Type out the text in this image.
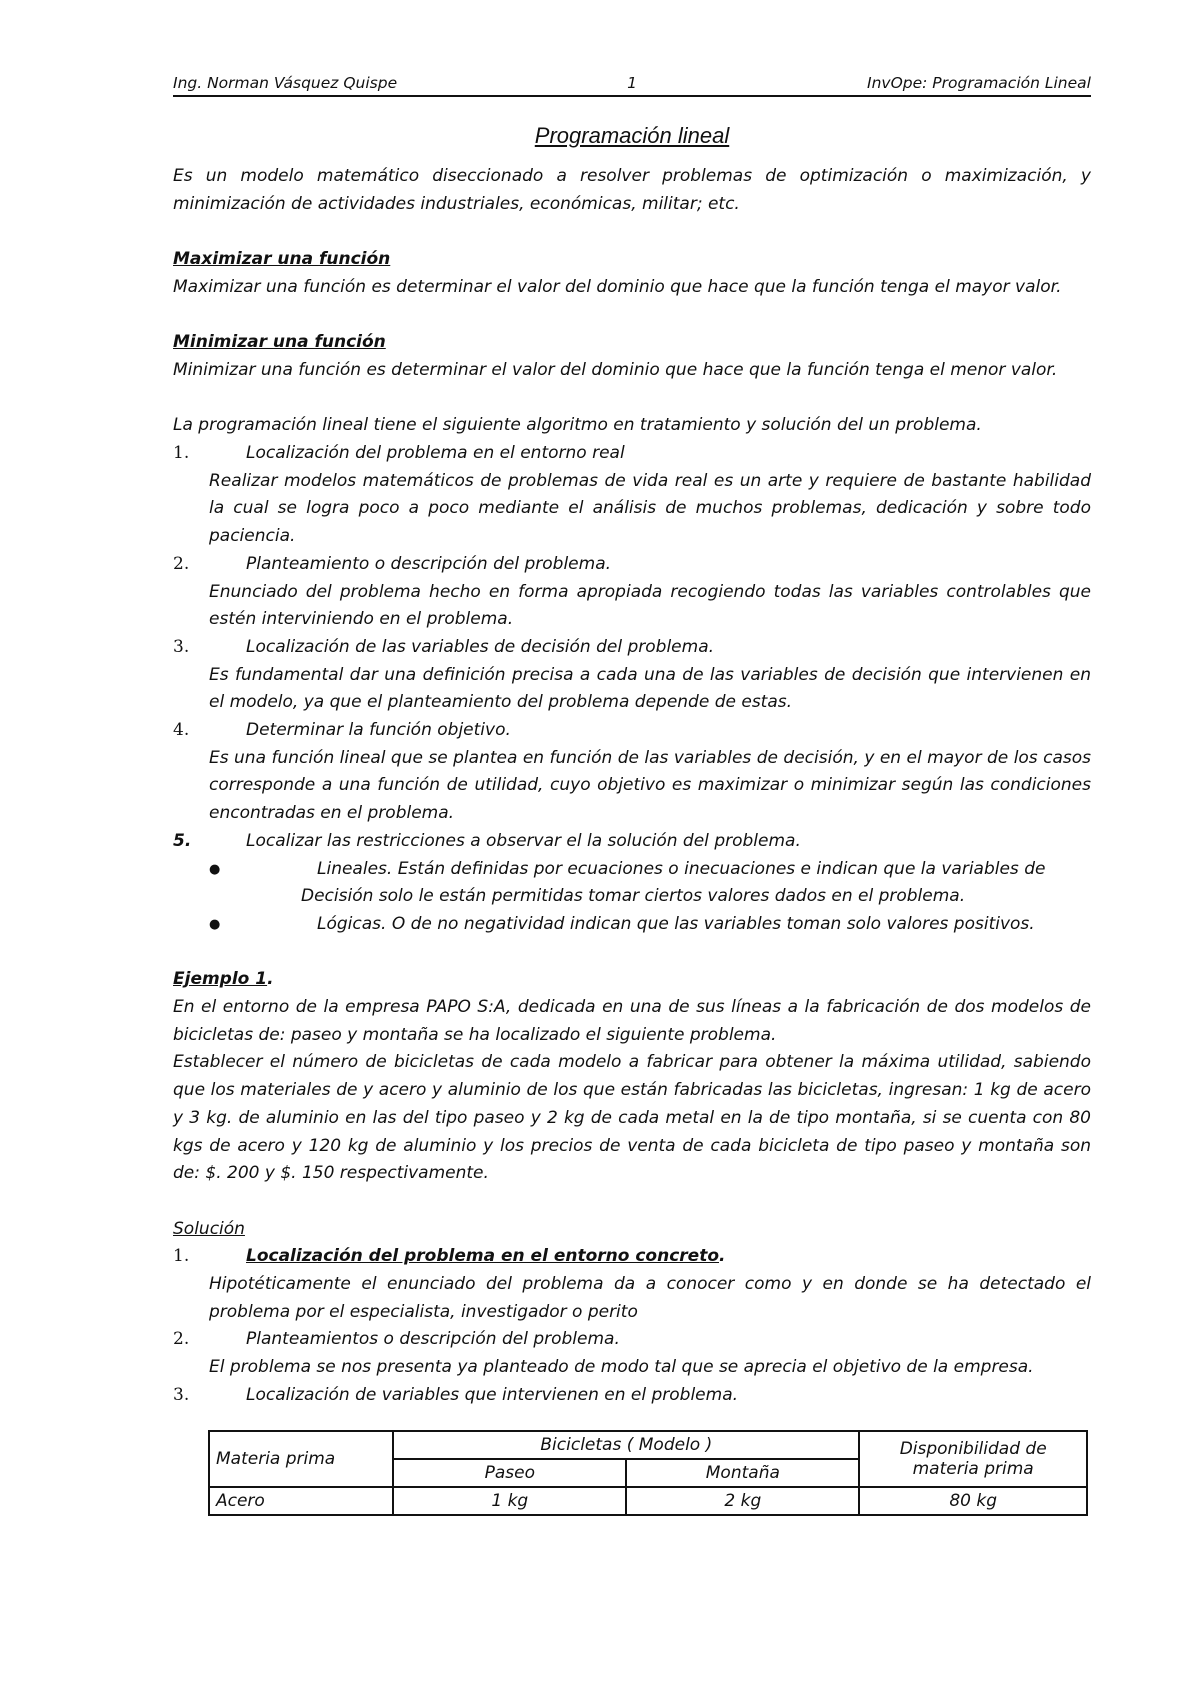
Ing. Norman Vásquez Quispe	1	InvOpe: Programación Lineal
Programación lineal

Es un modelo matemático diseccionado a resolver problemas de optimización o maximización, y minimización de actividades industriales, económicas, militar; etc.

Maximizar una función

Maximizar una función es determinar el valor del dominio que hace que la función tenga el mayor valor.

Minimizar una función

Minimizar una función es determinar el valor del dominio que hace que la función tenga el menor valor.

La programación lineal tiene el siguiente algoritmo en tratamiento y solución del un problema.

1.	Localización del problema en el entorno real

Realizar modelos matemáticos de problemas de vida real es un arte y requiere de bastante habilidad la cual se logra poco a poco mediante el análisis de muchos problemas, dedicación y sobre todo paciencia.

2.	Planteamiento o descripción del problema.

Enunciado del problema hecho en forma apropiada recogiendo todas las variables controlables que estén interviniendo en el problema.

3.	Localización de las variables de decisión del problema.

Es fundamental dar una definición precisa a cada una de las variables de decisión que intervienen en el modelo, ya que el planteamiento del problema depende de estas.

4.	Determinar la función objetivo.

Es una función lineal que se plantea en función de las variables de decisión, y en el mayor de los casos corresponde a una función de utilidad, cuyo objetivo es maximizar o minimizar según las condiciones encontradas en el problema.

5.	Localizar las restricciones a observar el la solución del problema.
●	Lineales. Están definidas por ecuaciones o inecuaciones e indican que la variables de

Decisión solo le están permitidas tomar ciertos valores dados en el problema.

●	Lógicas. O de no negatividad indican que las variables toman solo valores positivos.

Ejemplo 1.

En el entorno de la empresa PAPO S:A, dedicada en una de sus líneas a la fabricación de dos modelos de bicicletas de: paseo y montaña se ha localizado el siguiente problema.

Establecer el número de bicicletas de cada modelo a fabricar para obtener la máxima utilidad, sabiendo que los materiales de y acero y aluminio de los que están fabricadas las bicicletas, ingresan: 1 kg de acero y 3 kg. de aluminio en las del tipo paseo y 2 kg de cada metal en la de tipo montaña, si se cuenta con 80 kgs de acero y 120 kg de aluminio y los precios de venta de cada bicicleta de tipo paseo y montaña son de: $. 200 y $. 150 respectivamente.

Solución

1.	Localización del problema en el entorno concreto .

Hipotéticamente el enunciado del problema da a conocer como y en donde se ha detectado el problema por el especialista, investigador o perito

2.	Planteamientos o descripción del problema.

El problema se nos presenta ya planteado de modo tal que se aprecia el objetivo de la empresa.

3.	Localización de variables que intervienen en el problema.
Materia prima	Bicicletas ( Modelo )		Disponibilidad de materia prima
	Paseo	Montaña	
Acero	1 kg	2 kg	80 kg
